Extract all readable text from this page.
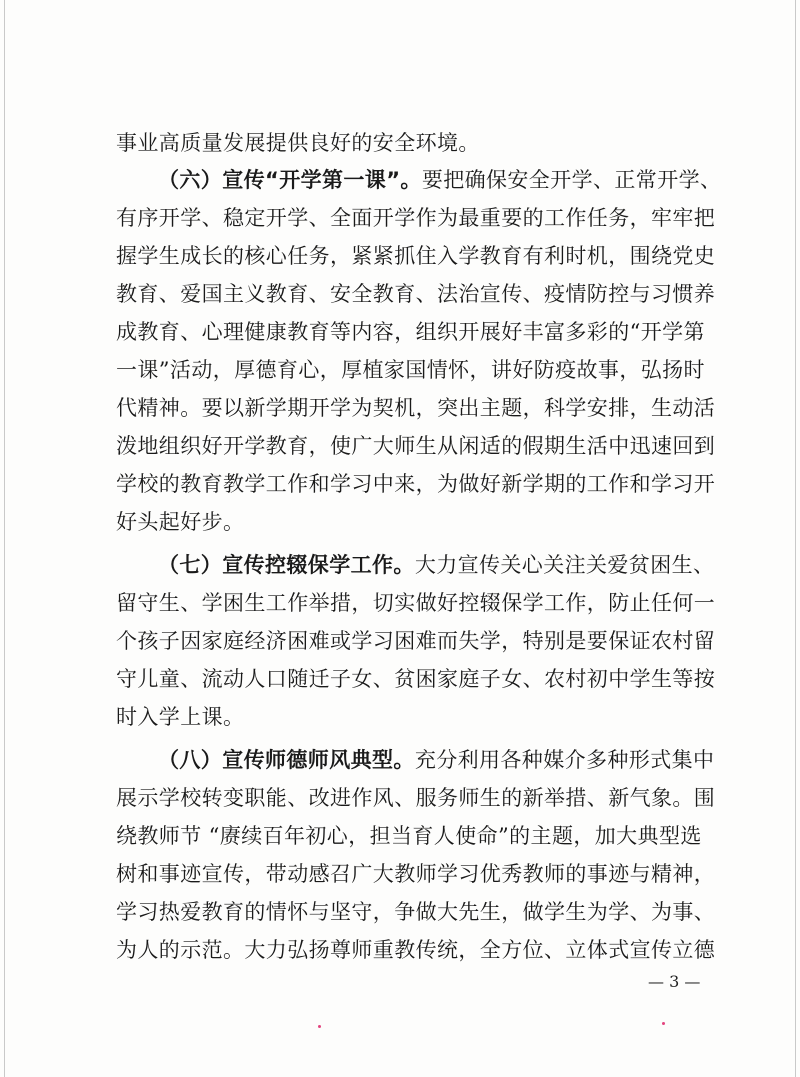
事业高质量发展提供良好的安全环境。
（六）宣传“开学第一课”。要把确保安全开学、正常开学、
有序开学、稳定开学、全面开学作为最重要的工作任务，牢牢把
握学生成长的核心任务，紧紧抓住入学教育有利时机，围绕党史
教育、爱国主义教育、安全教育、法治宣传、疫情防控与习惯养
成教育、心理健康教育等内容，组织开展好丰富多彩的“开学第
一课”活动，厚德育心，厚植家国情怀，讲好防疫故事，弘扬时
代精神。要以新学期开学为契机，突出主题，科学安排，生动活
泼地组织好开学教育，使广大师生从闲适的假期生活中迅速回到
学校的教育教学工作和学习中来，为做好新学期的工作和学习开
好头起好步。
（七）宣传控辍保学工作。大力宣传关心关注关爱贫困生、
留守生、学困生工作举措，切实做好控辍保学工作，防止任何一
个孩子因家庭经济困难或学习困难而失学，特别是要保证农村留
守儿童、流动人口随迁子女、贫困家庭子女、农村初中学生等按
时入学上课。
（八）宣传师德师风典型。充分利用各种媒介多种形式集中
展示学校转变职能、改进作风、服务师生的新举措、新气象。围
绕教师节 “赓续百年初心，担当育人使命”的主题，加大典型选
树和事迹宣传，带动感召广大教师学习优秀教师的事迹与精神，
学习热爱教育的情怀与坚守，争做大先生，做学生为学、为事、
为人的示范。大力弘扬尊师重教传统，全方位、立体式宣传立德
— 3 —
